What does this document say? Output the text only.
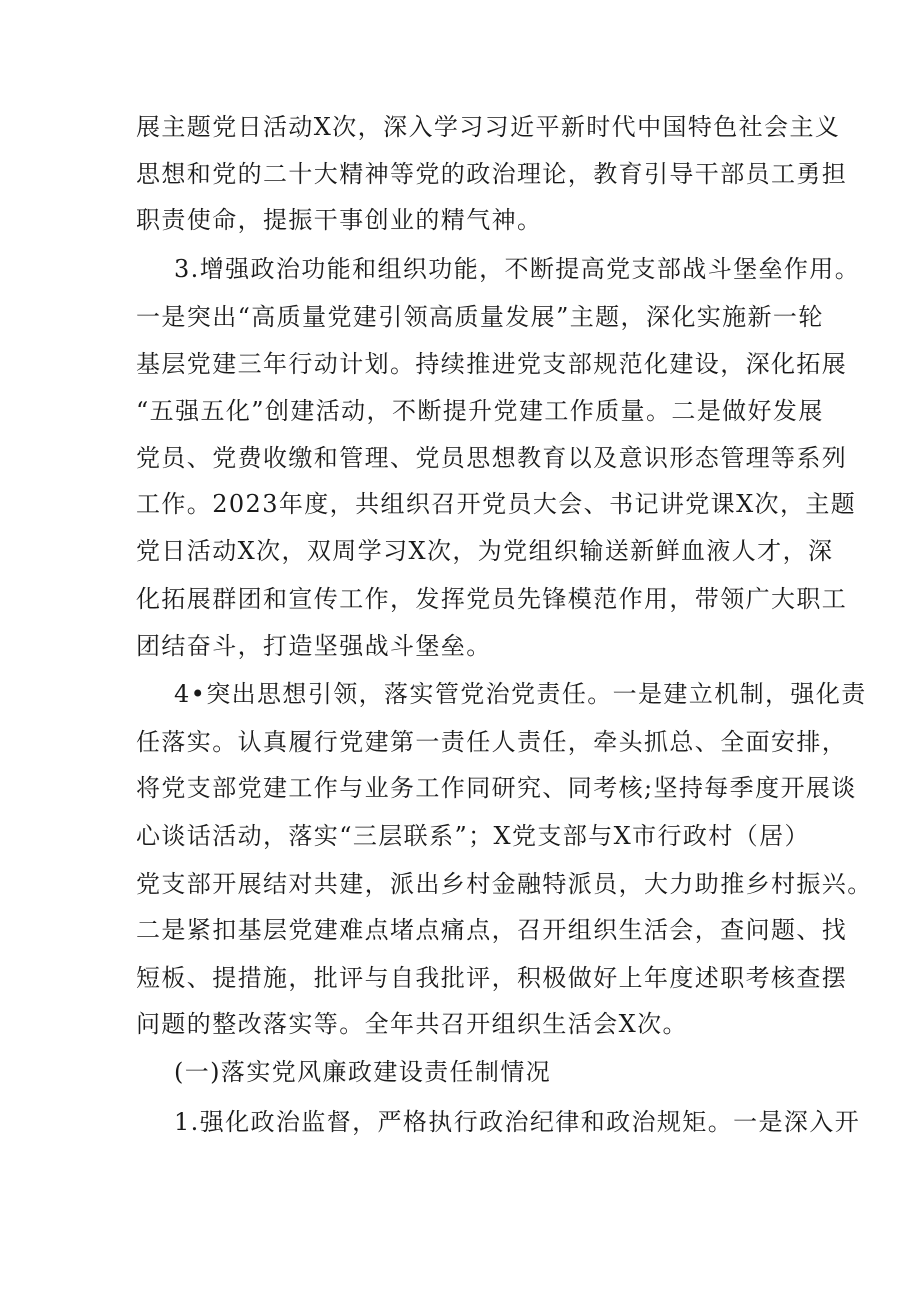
展主题党日活动X次，深入学习习近平新时代中国特色社会主义
思想和党的二十大精神等党的政治理论，教育引导干部员工勇担
职责使命，提振干事创业的精气神。
3.增强政治功能和组织功能，不断提高党支部战斗堡垒作用。
一是突出“高质量党建引领高质量发展”主题，深化实施新一轮
基层党建三年行动计划。持续推进党支部规范化建设，深化拓展
“五强五化”创建活动，不断提升党建工作质量。二是做好发展
党员、党费收缴和管理、党员思想教育以及意识形态管理等系列
工作。2023年度，共组织召开党员大会、书记讲党课X次，主题
党日活动X次，双周学习X次，为党组织输送新鲜血液人才，深
化拓展群团和宣传工作，发挥党员先锋模范作用，带领广大职工
团结奋斗，打造坚强战斗堡垒。
4•突出思想引领，落实管党治党责任。一是建立机制，强化责
任落实。认真履行党建第一责任人责任，牵头抓总、全面安排，
将党支部党建工作与业务工作同研究、同考核;坚持每季度开展谈
心谈话活动，落实“三层联系”；X党支部与X市行政村（居）
党支部开展结对共建，派出乡村金融特派员，大力助推乡村振兴。
二是紧扣基层党建难点堵点痛点，召开组织生活会，查问题、找
短板、提措施，批评与自我批评，积极做好上年度述职考核查摆
问题的整改落实等。全年共召开组织生活会X次。
(一)落实党风廉政建设责任制情况
1.强化政治监督，严格执行政治纪律和政治规矩。一是深入开
